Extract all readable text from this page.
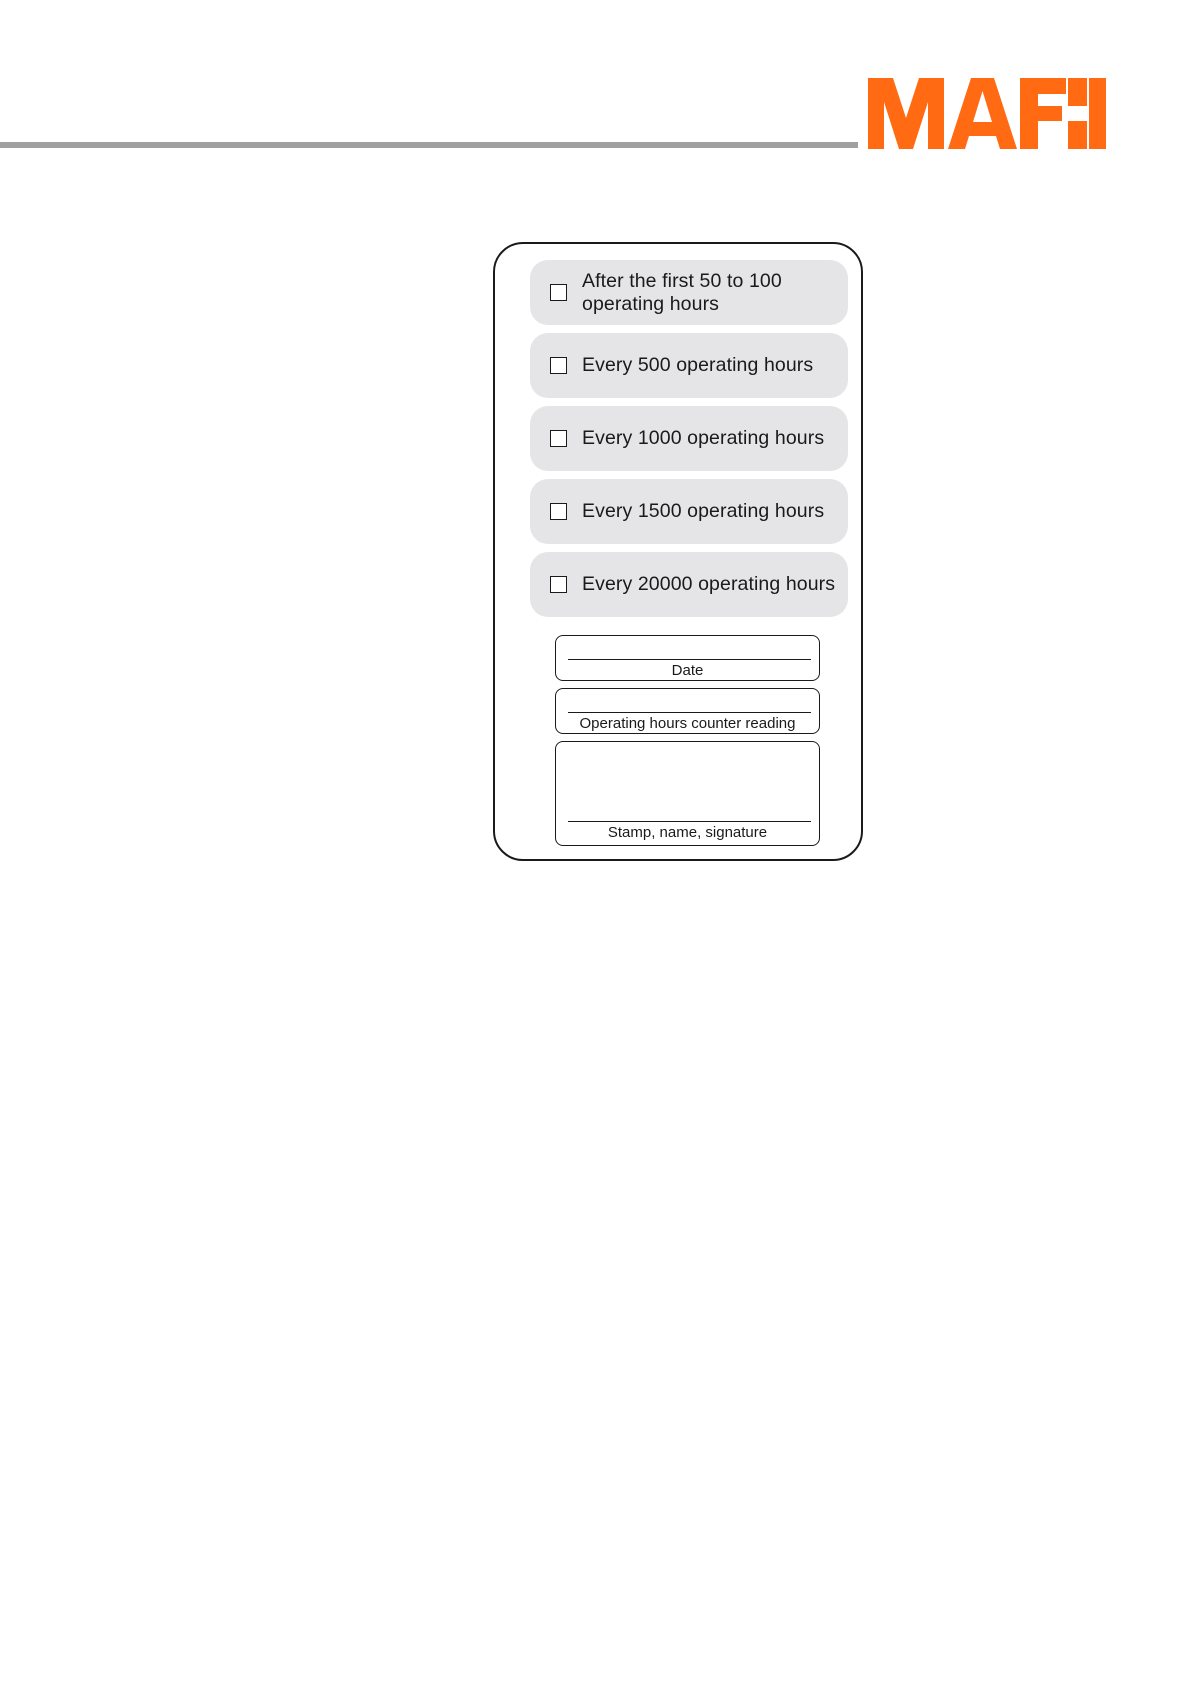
After the first 50 to 100
operating hours
Every 500 operating hours
Every 1000 operating hours
Every 1500 operating hours
Every 20000 operating hours
Date
Operating hours counter reading
Stamp, name, signature
